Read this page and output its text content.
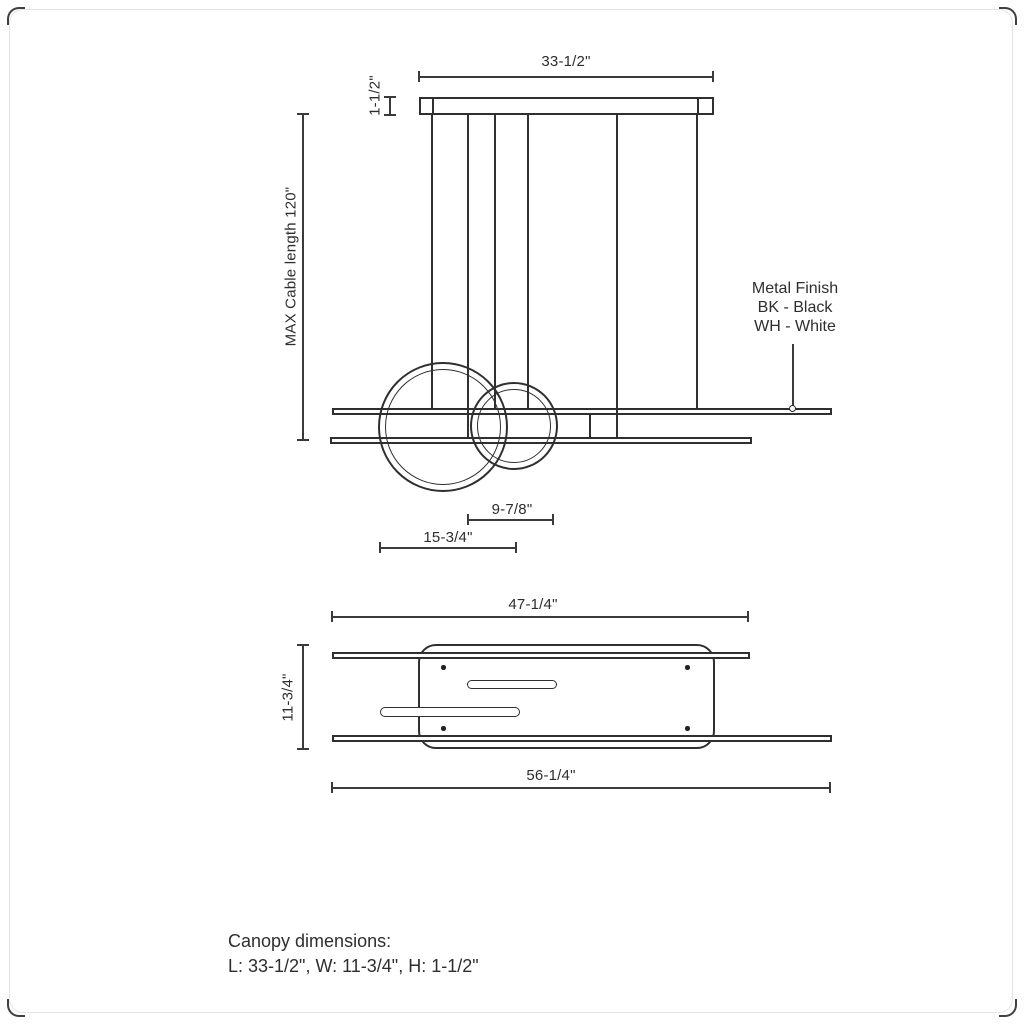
33-1/2"
1-1/2"
MAX Cable length 120"	Metal Finish
BK - Black
WH - White
9-7/8"
15-3/4"
47-1/4"
11-3/4"
56-1/4"
Canopy dimensions:
L: 33-1/2", W: 11-3/4", H: 1-1/2"
